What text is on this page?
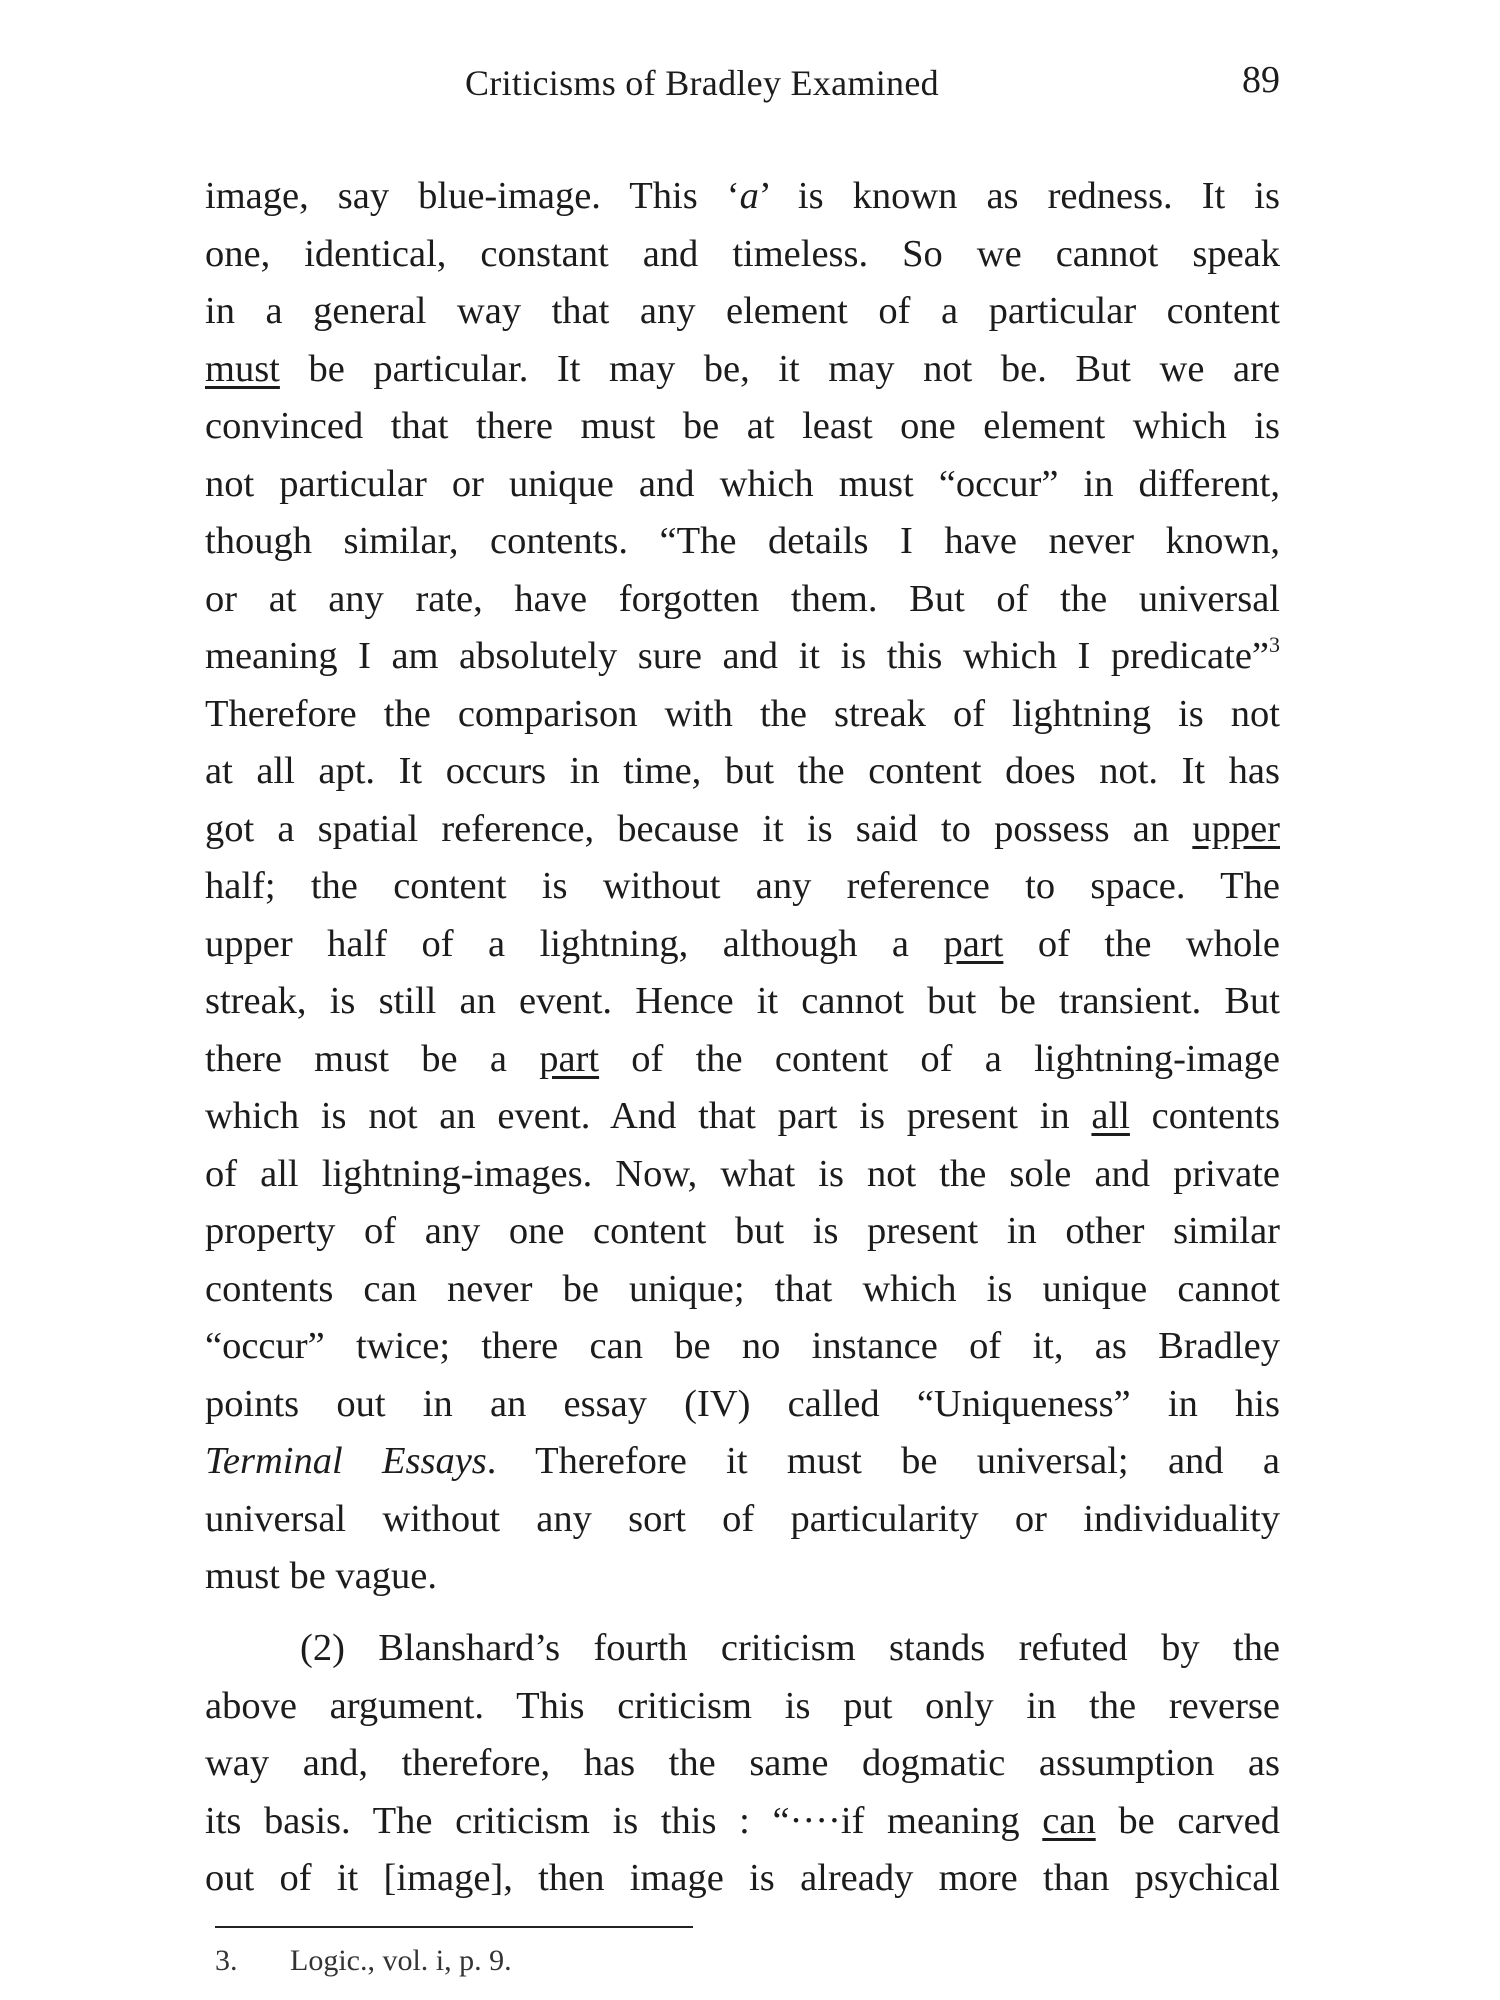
Criticisms of Bradley Examined	89
image, say blue-image. This ‘a’ is known as redness. It is
one, identical, constant and timeless. So we cannot speak
in a general way that any element of a particular content
must be particular. It may be, it may not be. But we are
convinced that there must be at least one element which is
not particular or unique and which must “occur” in different,
though similar, contents. “The details I have never known,
or at any rate, have forgotten them. But of the universal
meaning I am absolutely sure and it is this which I predicate”$^3$
Therefore the comparison with the streak of lightning is not
at all apt. It occurs in time, but the content does not. It has
got a spatial reference, because it is said to possess an upper
half; the content is without any reference to space. The
upper half of a lightning, although a part of the whole
streak, is still an event. Hence it cannot but be transient. But
there must be a part of the content of a lightning-image
which is not an event. And that part is present in all contents
of all lightning-images. Now, what is not the sole and private
property of any one content but is present in other similar
contents can never be unique; that which is unique cannot
“occur” twice; there can be no instance of it, as Bradley
points out in an essay (IV) called “Uniqueness” in his
Terminal Essays. Therefore it must be universal; and a
universal without any sort of particularity or individuality
must be vague.
(2) Blanshard’s fourth criticism stands refuted by the
above argument. This criticism is put only in the reverse
way and, therefore, has the same dogmatic assumption as
its basis. The criticism is this : “····if meaning can be carved
out of it [image], then image is already more than psychical
3. Logic., vol. i, p. 9.
